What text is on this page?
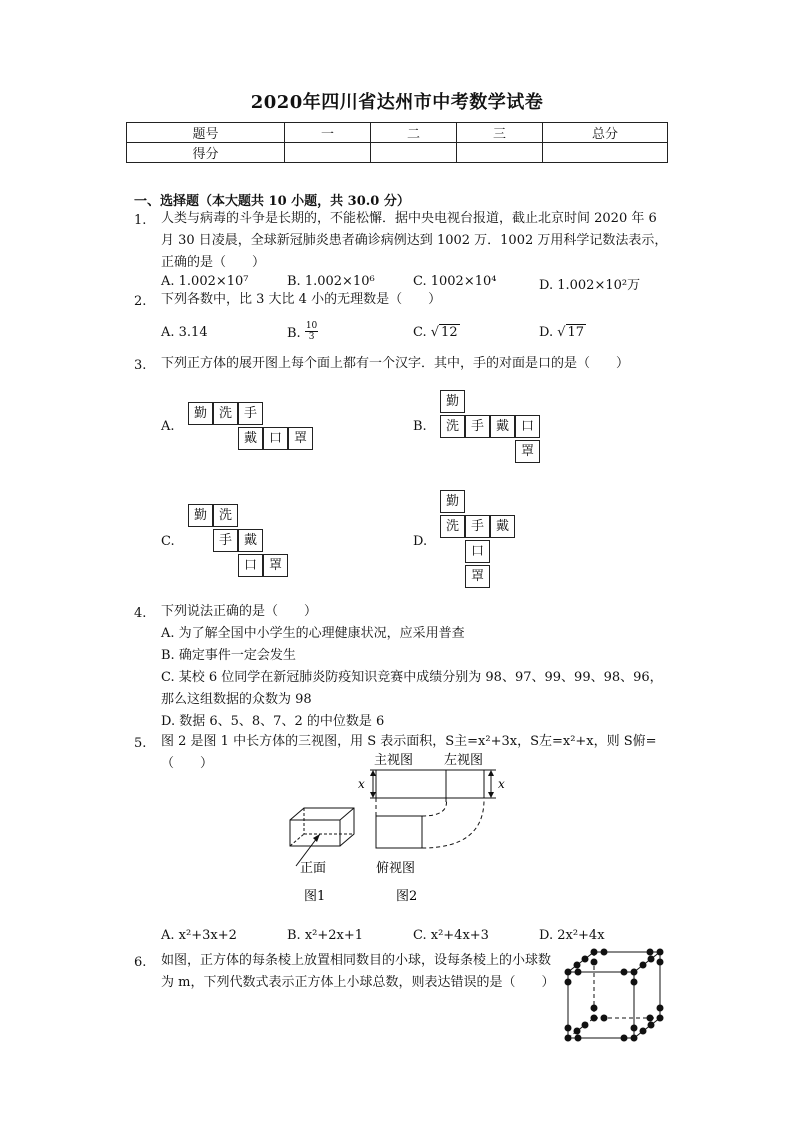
2020年四川省达州市中考数学试卷
题号	一	二	三	总分
得分				
一、选择题（本大题共 10 小题，共 30.0 分）
1.	人类与病毒的斗争是长期的，不能松懈．据中央电视台报道，截止北京时间 2020 年 6 月 30 日凌晨，全球新冠肺炎患者确诊病例达到 1002 万．1002 万用科学记数法表示，正确的是（　　）
A. 1.002×10⁷	B. 1.002×10⁶	C. 1002×10⁴	D. 1.002×10²万
2.	下列各数中，比 3 大比 4 小的无理数是（　　）
A. 3.14	B. $\frac{10}{3}$	C. √ 12	D. √ 17
3.	下列正方体的展开图上每个面上都有一个汉字．其中，手的对面是口的是（　　）
A.
勤 洗 手
戴 口 罩
B.
勤
洗 手 戴 口
罩
C.
勤 洗
手 戴
口 罩
D.
勤
洗 手 戴
口
罩
4.	下列说法正确的是（　　）
A. 为了解全国中小学生的心理健康状况，应采用普查
B. 确定事件一定会发生
C. 某校 6 位同学在新冠肺炎防疫知识竞赛中成绩分别为 98、97、99、99、98、96，那么这组数据的众数为 98
D. 数据 6、5、8、7、2 的中位数是 6
5.	图 2 是图 1 中长方体的三视图，用 S 表示面积，S主=x²+3x，S左=x²+x，则 S俯=（　　）	主视图 左视图
x	x
俯视图
图2
正面
图1
A. x²+3x+2	B. x²+2x+1	C. x²+4x+3	D. 2x²+4x
6.	如图，正方体的每条棱上放置相同数目的小球，设每条棱上的小球数为 m，下列代数式表示正方体上小球总数，则表达错误的是（　　）
